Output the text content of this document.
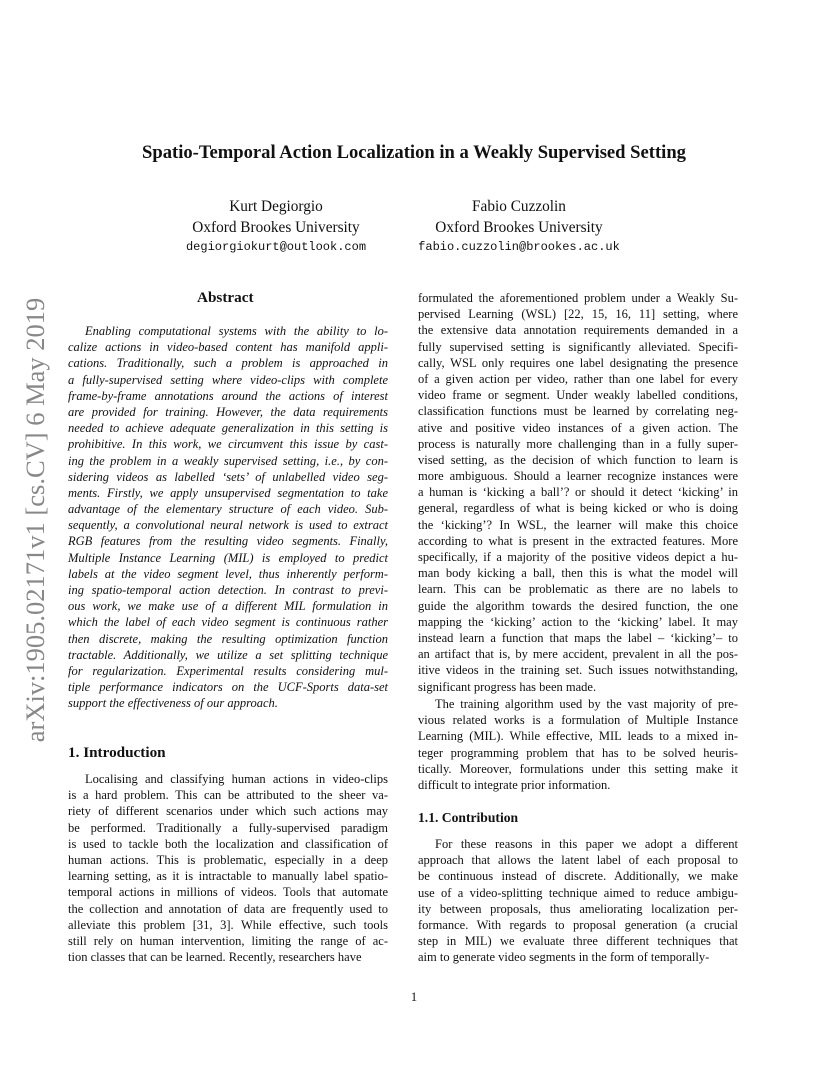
Spatio-Temporal Action Localization in a Weakly Supervised Setting
Kurt Degiorgio
Oxford Brookes University
degiorgiokurt@outlook.com
Fabio Cuzzolin
Oxford Brookes University
fabio.cuzzolin@brookes.ac.uk
arXiv:1905.02171v1 [cs.CV] 6 May 2019
Abstract
Enabling computational systems with the ability to lo-
calize actions in video-based content has manifold appli-
cations. Traditionally, such a problem is approached in
a fully-supervised setting where video-clips with complete
frame-by-frame annotations around the actions of interest
are provided for training. However, the data requirements
needed to achieve adequate generalization in this setting is
prohibitive. In this work, we circumvent this issue by cast-
ing the problem in a weakly supervised setting, i.e., by con-
sidering videos as labelled ‘sets’ of unlabelled video seg-
ments. Firstly, we apply unsupervised segmentation to take
advantage of the elementary structure of each video. Sub-
sequently, a convolutional neural network is used to extract
RGB features from the resulting video segments. Finally,
Multiple Instance Learning (MIL) is employed to predict
labels at the video segment level, thus inherently perform-
ing spatio-temporal action detection. In contrast to previ-
ous work, we make use of a different MIL formulation in
which the label of each video segment is continuous rather
then discrete, making the resulting optimization function
tractable. Additionally, we utilize a set splitting technique
for regularization. Experimental results considering mul-
tiple performance indicators on the UCF-Sports data-set
support the effectiveness of our approach.
1. Introduction
Localising and classifying human actions in video-clips
is a hard problem. This can be attributed to the sheer va-
riety of different scenarios under which such actions may
be performed. Traditionally a fully-supervised paradigm
is used to tackle both the localization and classification of
human actions. This is problematic, especially in a deep
learning setting, as it is intractable to manually label spatio-
temporal actions in millions of videos. Tools that automate
the collection and annotation of data are frequently used to
alleviate this problem [31, 3]. While effective, such tools
still rely on human intervention, limiting the range of ac-
tion classes that can be learned. Recently, researchers have
formulated the aforementioned problem under a Weakly Su-
pervised Learning (WSL) [22, 15, 16, 11] setting, where
the extensive data annotation requirements demanded in a
fully supervised setting is significantly alleviated. Specifi-
cally, WSL only requires one label designating the presence
of a given action per video, rather than one label for every
video frame or segment. Under weakly labelled conditions,
classification functions must be learned by correlating neg-
ative and positive video instances of a given action. The
process is naturally more challenging than in a fully super-
vised setting, as the decision of which function to learn is
more ambiguous. Should a learner recognize instances were
a human is ‘kicking a ball’? or should it detect ‘kicking’ in
general, regardless of what is being kicked or who is doing
the ‘kicking’? In WSL, the learner will make this choice
according to what is present in the extracted features. More
specifically, if a majority of the positive videos depict a hu-
man body kicking a ball, then this is what the model will
learn. This can be problematic as there are no labels to
guide the algorithm towards the desired function, the one
mapping the ‘kicking’ action to the ‘kicking’ label. It may
instead learn a function that maps the label – ‘kicking’– to
an artifact that is, by mere accident, prevalent in all the pos-
itive videos in the training set. Such issues notwithstanding,
significant progress has been made.
The training algorithm used by the vast majority of pre-
vious related works is a formulation of Multiple Instance
Learning (MIL). While effective, MIL leads to a mixed in-
teger programming problem that has to be solved heuris-
tically. Moreover, formulations under this setting make it
difficult to integrate prior information.
1.1. Contribution
For these reasons in this paper we adopt a different
approach that allows the latent label of each proposal to
be continuous instead of discrete. Additionally, we make
use of a video-splitting technique aimed to reduce ambigu-
ity between proposals, thus ameliorating localization per-
formance. With regards to proposal generation (a crucial
step in MIL) we evaluate three different techniques that
aim to generate video segments in the form of temporally-
1
